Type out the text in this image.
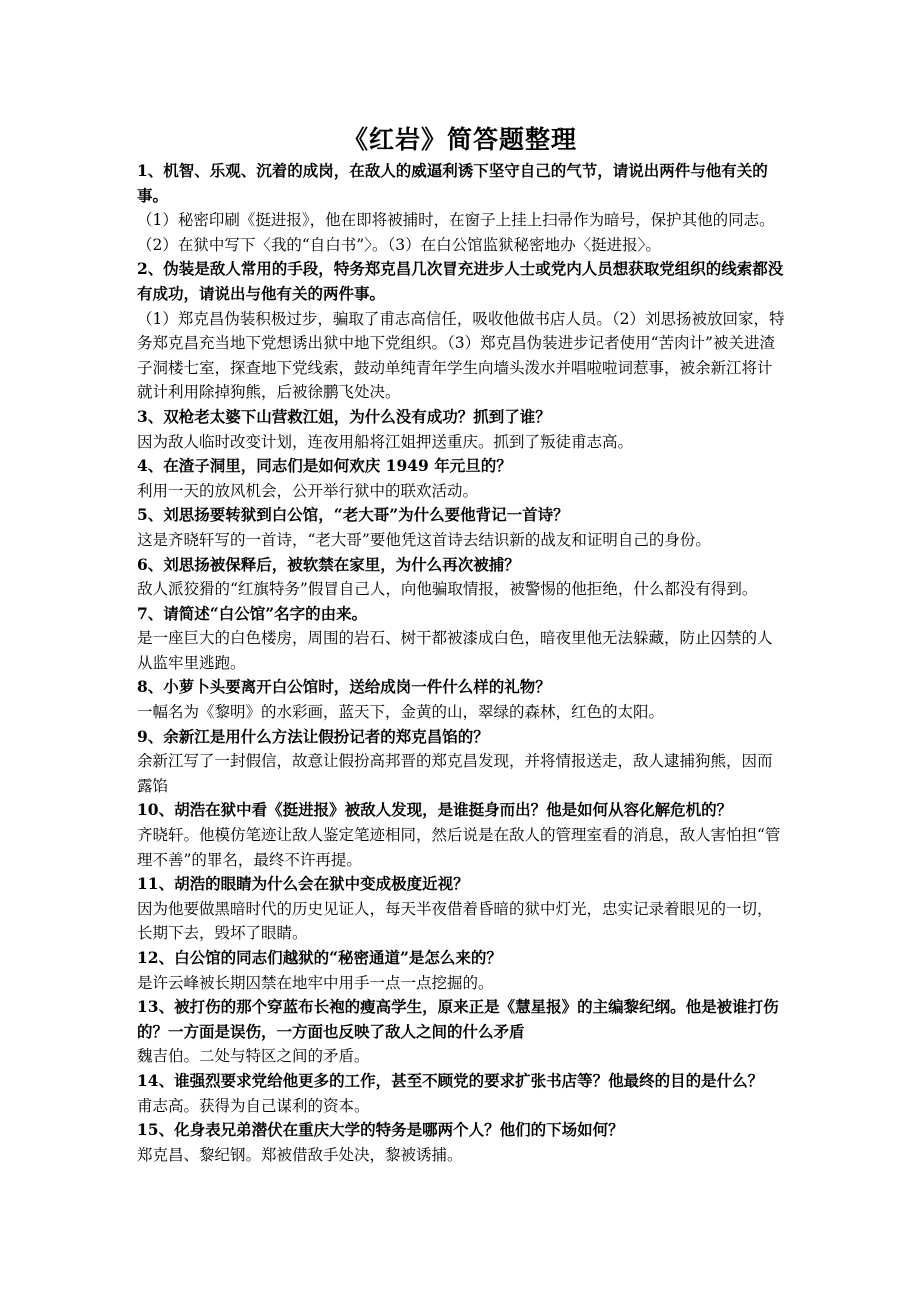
《红岩》简答题整理

1、机智、乐观、沉着的成岗，在敌人的威逼利诱下坚守自己的气节，请说出两件与他有关的事。

（1）秘密印刷《挺进报》，他在即将被捕时，在窗子上挂上扫帚作为暗号，保护其他的同志。（2）在狱中写下〈我的“自白书”〉。（3）在白公馆监狱秘密地办〈挺进报〉。

2、伪装是敌人常用的手段，特务郑克昌几次冒充进步人士或党内人员想获取党组织的线索都没有成功，请说出与他有关的两件事。

（1）郑克昌伪装积极过步，骗取了甫志高信任，吸收他做书店人员。（2）刘思扬被放回家，特务郑克昌充当地下党想诱出狱中地下党组织。（3）郑克昌伪装进步记者使用“苦肉计”被关进渣子洞楼七室，探查地下党线索，鼓动单纯青年学生向墙头泼水并唱啦啦词惹事，被余新江将计就计利用除掉狗熊，后被徐鹏飞处决。

3、双枪老太婆下山营救江姐，为什么没有成功？抓到了谁？

因为敌人临时改变计划，连夜用船将江姐押送重庆。抓到了叛徒甫志高。

4、在渣子洞里，同志们是如何欢庆 1949 年元旦的？

利用一天的放风机会，公开举行狱中的联欢活动。

5、刘思扬要转狱到白公馆，“老大哥”为什么要他背记一首诗？

这是齐晓轩写的一首诗，“老大哥”要他凭这首诗去结识新的战友和证明自己的身份。

6、刘思扬被保释后，被软禁在家里，为什么再次被捕？

敌人派狡猾的“红旗特务”假冒自己人，向他骗取情报，被警惕的他拒绝，什么都没有得到。

7、请简述“白公馆”名字的由来。

是一座巨大的白色楼房，周围的岩石、树干都被漆成白色，暗夜里他无法躲藏，防止囚禁的人从监牢里逃跑。

8、小萝卜头要离开白公馆时，送给成岗一件什么样的礼物？

一幅名为《黎明》的水彩画，蓝天下，金黄的山，翠绿的森林，红色的太阳。

9、余新江是用什么方法让假扮记者的郑克昌馅的？

余新江写了一封假信，故意让假扮高邦晋的郑克昌发现，并将情报送走，敌人逮捕狗熊，因而露馅

10、胡浩在狱中看《挺进报》被敌人发现，是谁挺身而出？他是如何从容化解危机的？

齐晓轩。他模仿笔迹让敌人鉴定笔迹相同，然后说是在敌人的管理室看的消息，敌人害怕担“管理不善”的罪名，最终不许再提。

11、胡浩的眼睛为什么会在狱中变成极度近视？

因为他要做黑暗时代的历史见证人，每天半夜借着昏暗的狱中灯光，忠实记录着眼见的一切，长期下去，毁坏了眼睛。

12、白公馆的同志们越狱的“秘密通道”是怎么来的？

是许云峰被长期囚禁在地牢中用手一点一点挖掘的。

13、被打伤的那个穿蓝布长袍的瘦高学生，原来正是《慧星报》的主编黎纪纲。他是被谁打伤的？一方面是误伤，一方面也反映了敌人之间的什么矛盾

魏吉伯。二处与特区之间的矛盾。

14、谁强烈要求党给他更多的工作，甚至不顾党的要求扩张书店等？他最终的目的是什么？

甫志高。获得为自己谋利的资本。

15、化身表兄弟潜伏在重庆大学的特务是哪两个人？他们的下场如何？

郑克昌、黎纪钢。郑被借敌手处决，黎被诱捕。
